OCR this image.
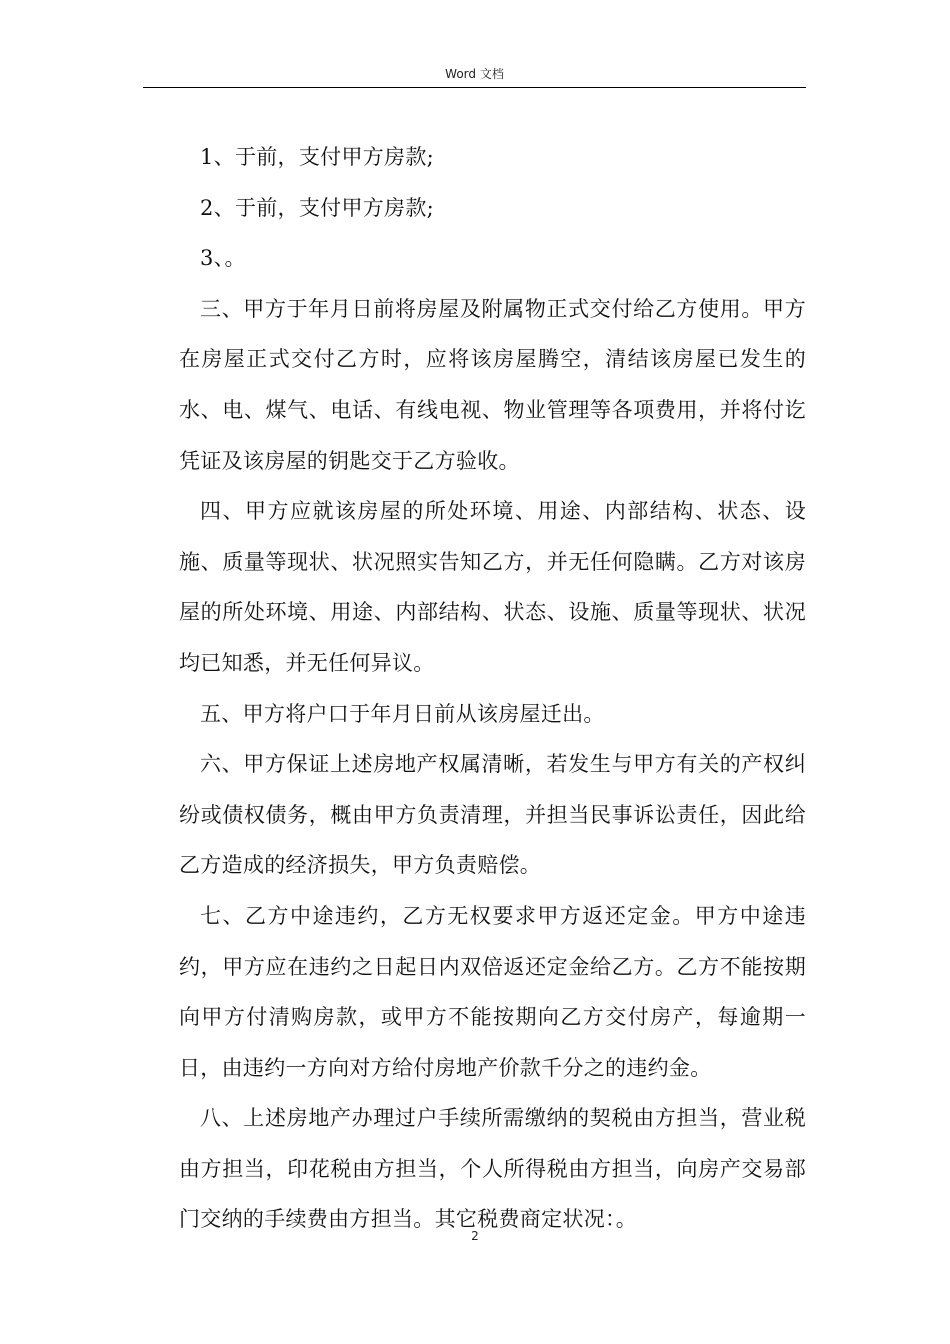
Word 文档

1、于前，支付甲方房款;

2、于前，支付甲方房款;

3、。

三、甲方于年月日前将房屋及附属物正式交付给乙方使用。甲方在房屋正式交付乙方时，应将该房屋腾空，清结该房屋已发生的水、电、煤气、电话、有线电视、物业管理等各项费用，并将付讫凭证及该房屋的钥匙交于乙方验收。

四、甲方应就该房屋的所处环境、用途、内部结构、状态、设施、质量等现状、状况照实告知乙方，并无任何隐瞒。乙方对该房屋的所处环境、用途、内部结构、状态、设施、质量等现状、状况均已知悉，并无任何异议。

五、甲方将户口于年月日前从该房屋迁出。

六、甲方保证上述房地产权属清晰，若发生与甲方有关的产权纠纷或债权债务，概由甲方负责清理，并担当民事诉讼责任，因此给乙方造成的经济损失，甲方负责赔偿。

七、乙方中途违约，乙方无权要求甲方返还定金。甲方中途违约，甲方应在违约之日起日内双倍返还定金给乙方。乙方不能按期向甲方付清购房款，或甲方不能按期向乙方交付房产，每逾期一日，由违约一方向对方给付房地产价款千分之的违约金。

八、上述房地产办理过户手续所需缴纳的契税由方担当，营业税由方担当，印花税由方担当，个人所得税由方担当，向房产交易部门交纳的手续费由方担当。其它税费商定状况：。

2
